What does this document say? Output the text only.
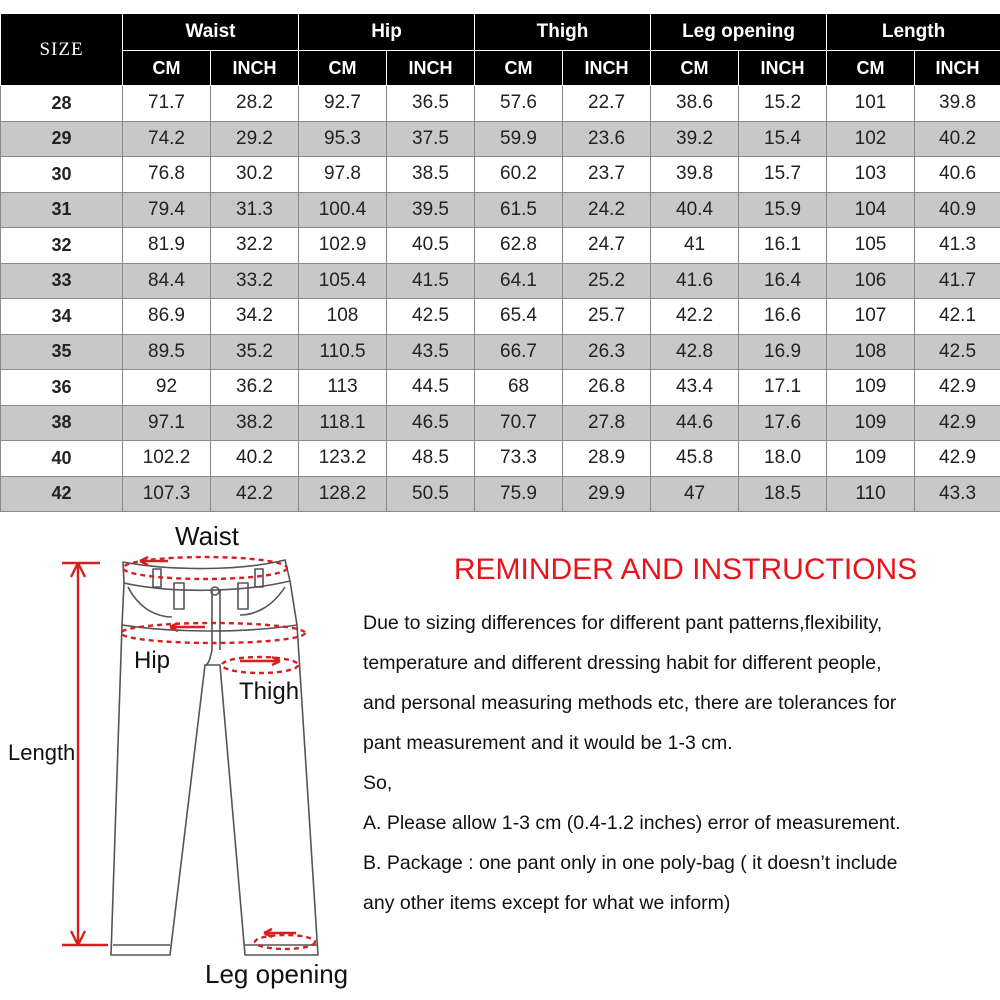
SIZE	Waist		Hip		Thigh		Leg opening		Length	
	CM	INCH	CM	INCH	CM	INCH	CM	INCH	CM	INCH
28	71.7	28.2	92.7	36.5	57.6	22.7	38.6	15.2	101	39.8
29	74.2	29.2	95.3	37.5	59.9	23.6	39.2	15.4	102	40.2
30	76.8	30.2	97.8	38.5	60.2	23.7	39.8	15.7	103	40.6
31	79.4	31.3	100.4	39.5	61.5	24.2	40.4	15.9	104	40.9
32	81.9	32.2	102.9	40.5	62.8	24.7	41	16.1	105	41.3
33	84.4	33.2	105.4	41.5	64.1	25.2	41.6	16.4	106	41.7
34	86.9	34.2	108	42.5	65.4	25.7	42.2	16.6	107	42.1
35	89.5	35.2	110.5	43.5	66.7	26.3	42.8	16.9	108	42.5
36	92	36.2	113	44.5	68	26.8	43.4	17.1	109	42.9
38	97.1	38.2	118.1	46.5	70.7	27.8	44.6	17.6	109	42.9
40	102.2	40.2	123.2	48.5	73.3	28.9	45.8	18.0	109	42.9
42	107.3	42.2	128.2	50.5	75.9	29.9	47	18.5	110	43.3
Waist
Hip
Thigh
Length
Leg opening
REMINDER AND INSTRUCTIONS

Due to sizing differences for different pant patterns,flexibility,

temperature and different dressing habit for different people,

and personal measuring methods etc, there are tolerances for

pant measurement and it would be 1-3 cm.

So,

A. Please allow 1-3 cm (0.4-1.2 inches) error of measurement.

B. Package : one pant only in one poly-bag ( it doesn’t include

any other items except for what we inform)
